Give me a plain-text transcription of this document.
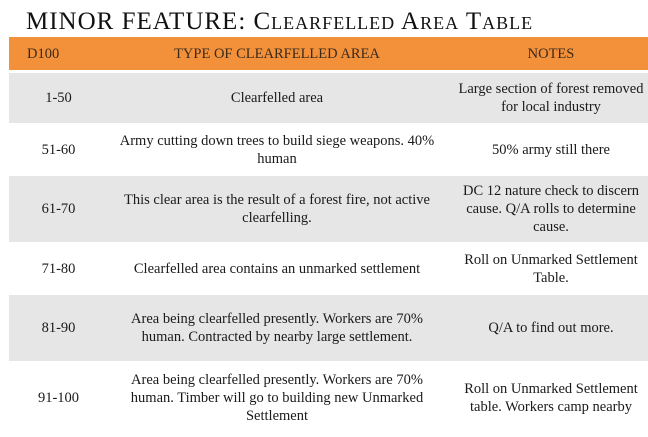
MINOR FEATURE: Clearfelled Area Table
D100	TYPE OF CLEARFELLED AREA	NOTES

1-50	Clearfelled area	Large section of forest removed for local industry

51-60	Army cutting down trees to build siege weapons. 40% human	50% army still there

61-70	This clear area is the result of a forest fire, not active clearfelling.	DC 12 nature check to discern cause. Q/A rolls to determine cause.

71-80	Clearfelled area contains an unmarked settlement	Roll on Unmarked Settlement Table.

81-90	Area being clearfelled presently. Workers are 70% human. Contracted by nearby large settlement.	Q/A to find out more.

91-100	Area being clearfelled presently. Workers are 70% human. Timber will go to building new Unmarked Settlement	Roll on Unmarked Settlement table. Workers camp nearby
